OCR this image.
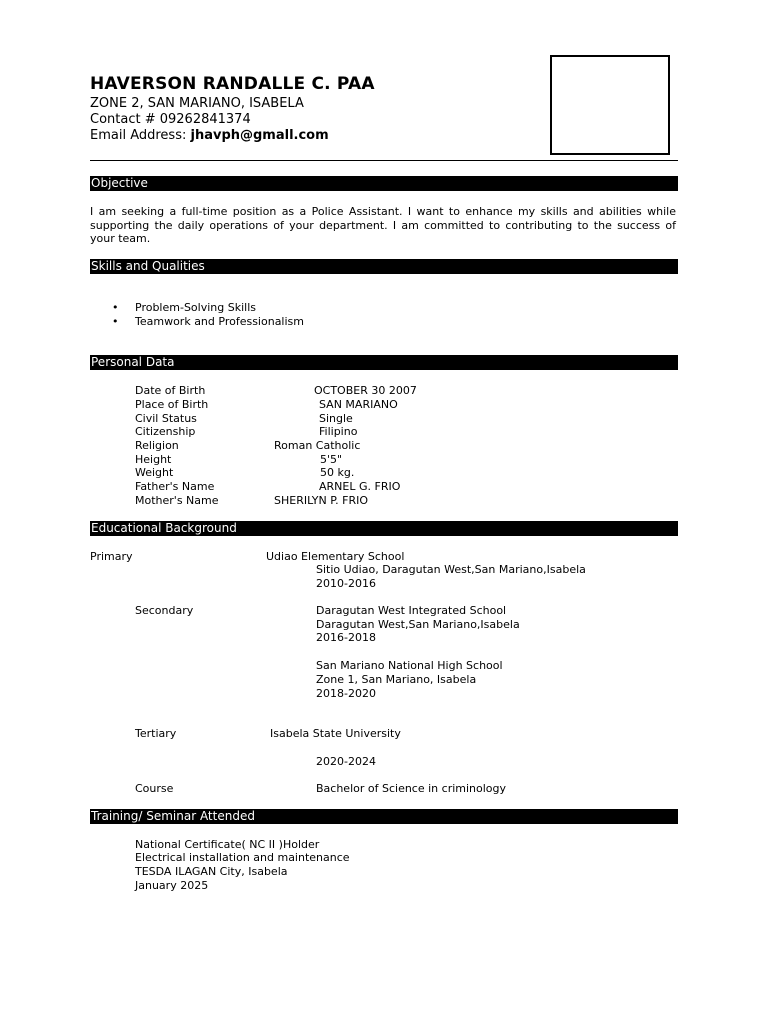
HAVERSON RANDALLE C. PAA
ZONE 2, SAN MARIANO, ISABELA
Contact # 09262841374
Email Address: jhavph@gmall.com
Objective
I am seeking a full-time position as a Police Assistant. I want to enhance my skills and abilities while supporting the daily operations of your department. I am committed to contributing to the success of your team.
Skills and Qualities
• Problem-Solving Skills
• Teamwork and Professionalism
Personal Data
Date of Birth	OCTOBER 30 2007
Place of Birth	SAN MARIANO
Civil Status	Single
Citizenship	Filipino
Religion	Roman Catholic
Height	5'5"
Weight	50 kg.
Father's Name	ARNEL G. FRIO
Mother's Name	SHERILYN P. FRIO
Educational Background
Primary	Udiao Elementary School
Sitio Udiao, Daragutan West,San Mariano,Isabela
2010-2016
Secondary	Daragutan West Integrated School
Daragutan West,San Mariano,Isabela
2016-2018
San Mariano National High School
Zone 1, San Mariano, Isabela
2018-2020
Tertiary	Isabela State University
2020-2024
Course	Bachelor of Science in criminology
Training/ Seminar Attended
National Certificate( NC II )Holder
Electrical installation and maintenance
TESDA ILAGAN City, Isabela
January 2025
